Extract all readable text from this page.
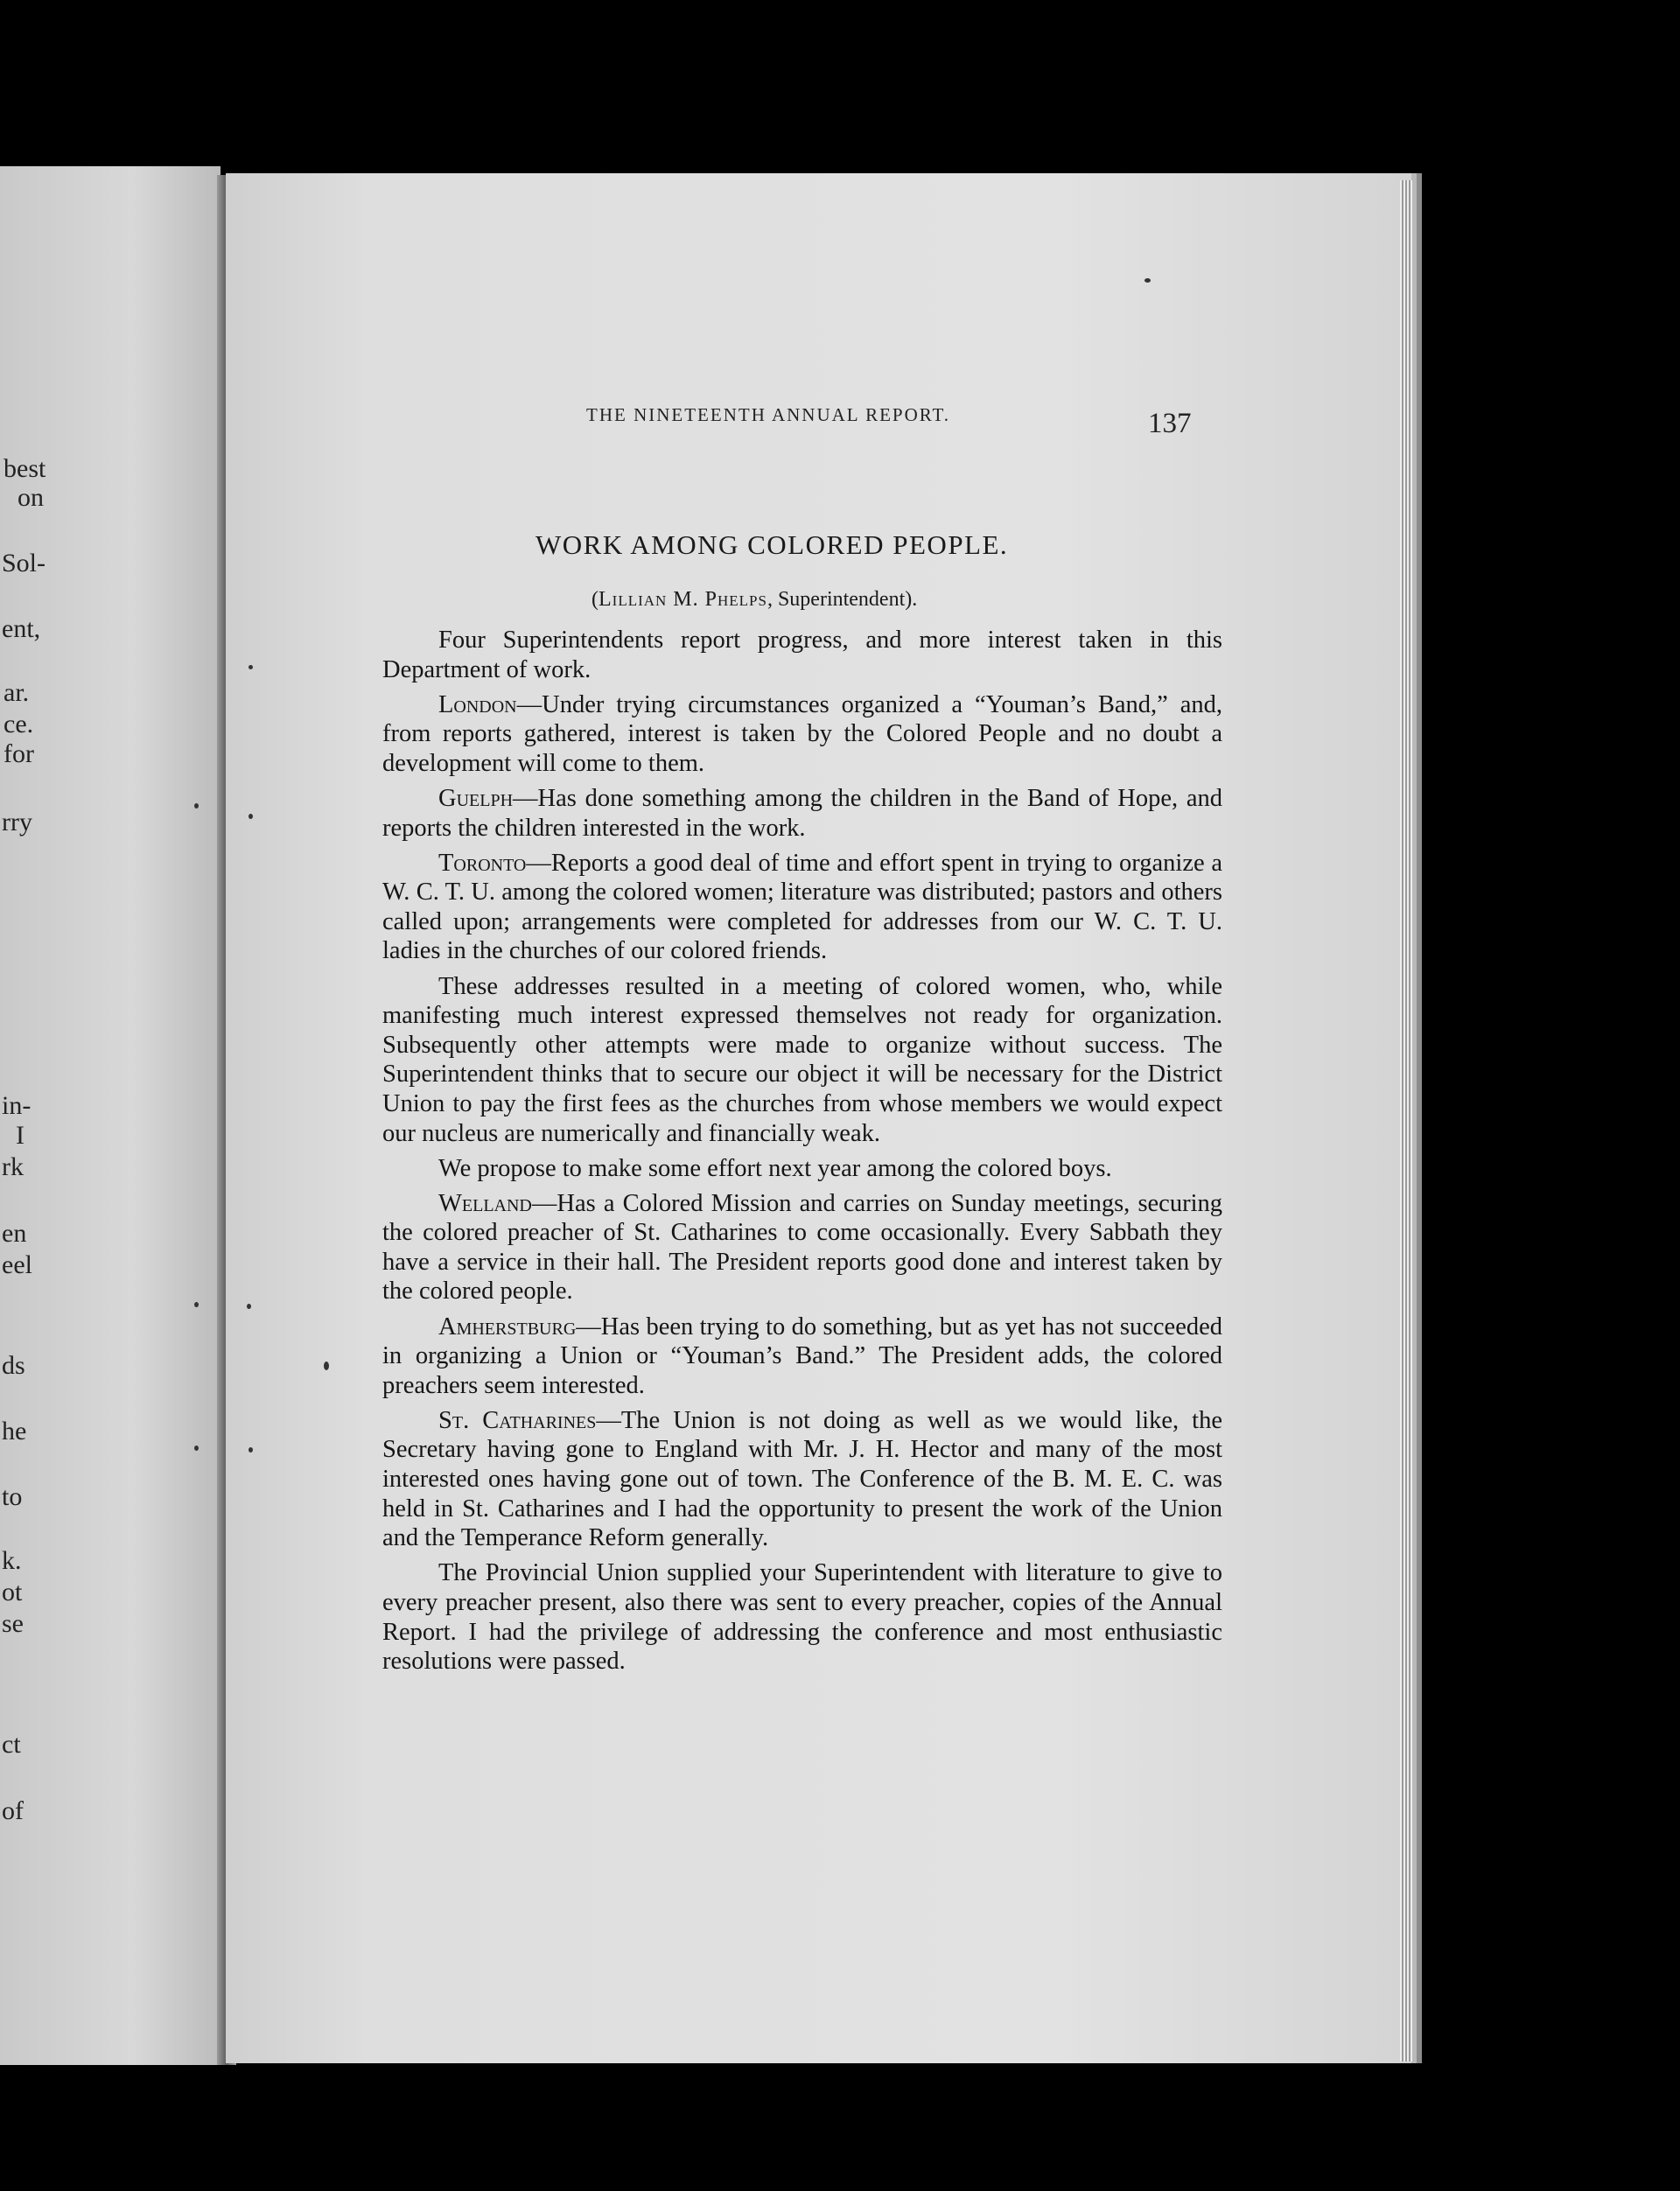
best
on
Sol-
ent,
ar.
ce.
for
rry
in-
I
rk
en
eel
ds
he
to
k.
ot
se
ct
of
THE NINETEENTH ANNUAL REPORT.	137
WORK AMONG COLORED PEOPLE.
(Lillian M. Phelps, Superintendent).

Four Superintendents report progress, and more interest taken in this Department of work.

London—Under trying circumstances organized a “Youman’s Band,” and, from reports gathered, interest is taken by the Colored People and no doubt a development will come to them.

Guelph—Has done something among the children in the Band of Hope, and reports the children interested in the work.

Toronto—Reports a good deal of time and effort spent in trying to organize a W. C. T. U. among the colored women; literature was distributed; pastors and others called upon; arrangements were completed for addresses from our W. C. T. U. ladies in the churches of our colored friends.

These addresses resulted in a meeting of colored women, who, while manifesting much interest expressed themselves not ready for organization. Subsequently other attempts were made to organize without success. The Superintendent thinks that to secure our object it will be necessary for the District Union to pay the first fees as the churches from whose members we would expect our nucleus are numerically and financially weak.

We propose to make some effort next year among the colored boys.

Welland—Has a Colored Mission and carries on Sunday meetings, securing the colored preacher of St. Catharines to come occasionally. Every Sabbath they have a service in their hall. The President reports good done and interest taken by the colored people.

Amherstburg—Has been trying to do something, but as yet has not succeeded in organizing a Union or “Youman’s Band.” The President adds, the colored preachers seem interested.

St. Catharines—The Union is not doing as well as we would like, the Secretary having gone to England with Mr. J. H. Hector and many of the most interested ones having gone out of town. The Conference of the B. M. E. C. was held in St. Catharines and I had the opportunity to present the work of the Union and the Temperance Reform generally.

The Provincial Union supplied your Superintendent with literature to give to every preacher present, also there was sent to every preacher, copies of the Annual Report. I had the privilege of addressing the conference and most enthusiastic resolutions were passed.
